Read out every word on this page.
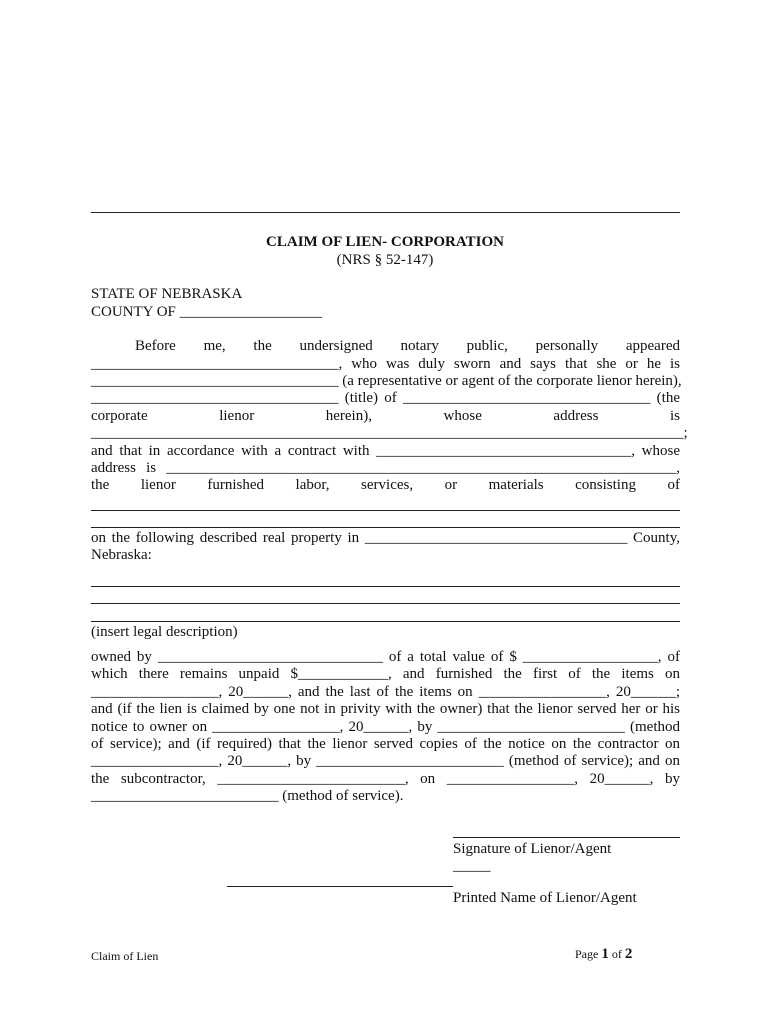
CLAIM OF LIEN- CORPORATION
(NRS § 52-147)
STATE OF NEBRASKA
COUNTY OF ___________________
Before me, the undersigned notary public, personally appeared
_________________________________, who was duly sworn and says that she or he is
_________________________________ (a representative or agent of the corporate lienor herein),
_________________________________ (title) of _________________________________ (the
corporate lienor herein), whose address is
_______________________________________________________________________________;
and that in accordance with a contract with __________________________________, whose
address is ____________________________________________________________________,
the lienor furnished labor, services, or materials consisting of
on the following described real property in ___________________________________ County,
Nebraska:
(insert legal description)
owned by ______________________________ of a total value of $ __________________, of
which there remains unpaid $____________, and furnished the first of the items on
_________________, 20______, and the last of the items on _________________, 20______;
and (if the lien is claimed by one not in privity with the owner) that the lienor served her or his
notice to owner on _________________, 20______, by _________________________ (method
of service); and (if required) that the lienor served copies of the notice on the contractor on
_________________, 20______, by _________________________ (method of service); and on
the subcontractor, _________________________, on _________________, 20______, by
_________________________ (method of service).
Signature of Lienor/Agent
_____
Printed Name of Lienor/Agent
Claim of Lien	Page 1 of 2
